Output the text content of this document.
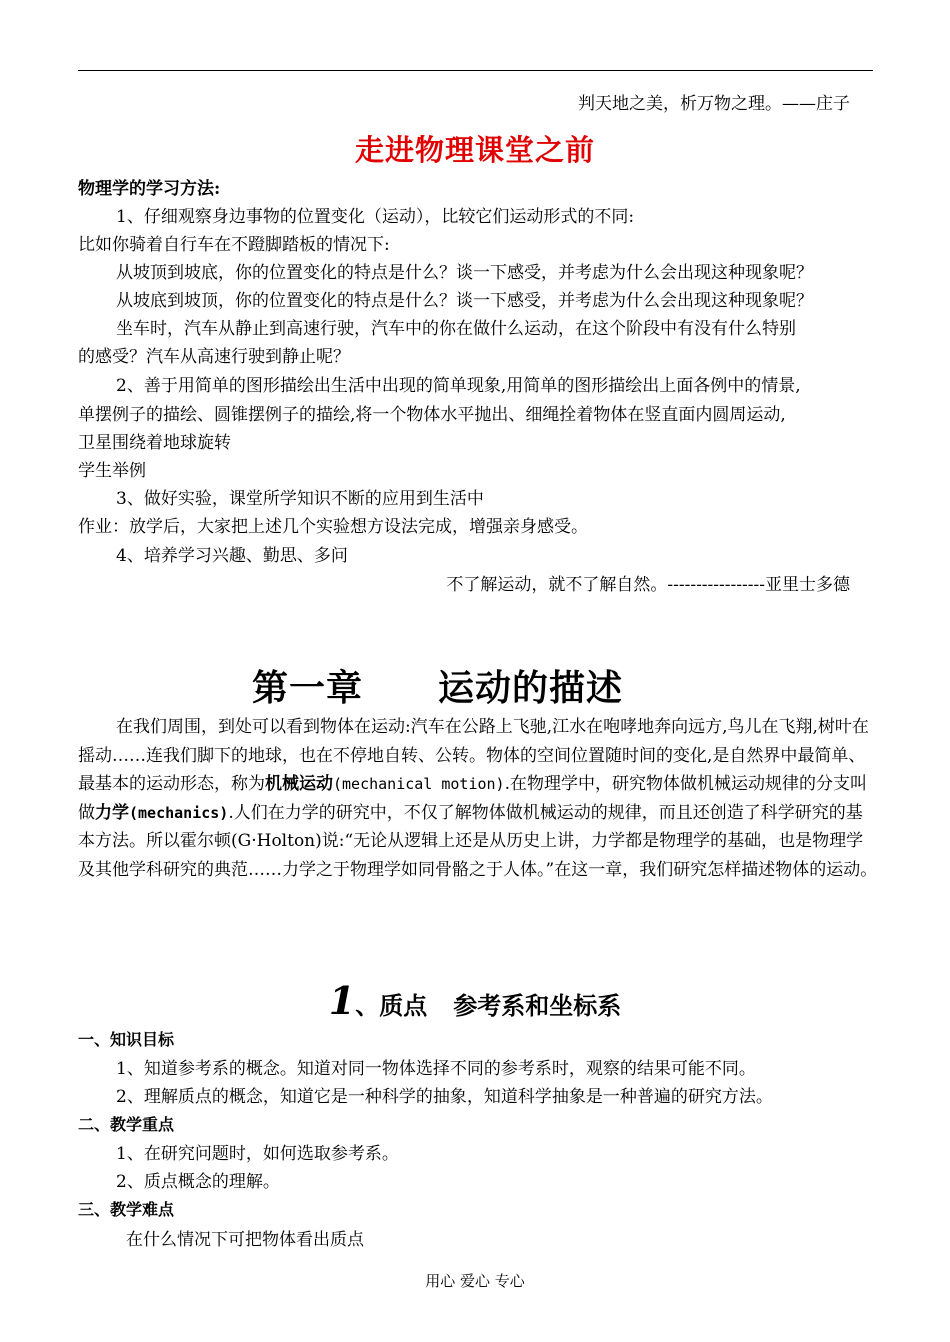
判天地之美，析万物之理。——庄子
走进物理课堂之前
物理学的学习方法:
1、仔细观察身边事物的位置变化（运动），比较它们运动形式的不同:
比如你骑着自行车在不蹬脚踏板的情况下:
从坡顶到坡底，你的位置变化的特点是什么？谈一下感受，并考虑为什么会出现这种现象呢？
从坡底到坡顶，你的位置变化的特点是什么？谈一下感受，并考虑为什么会出现这种现象呢？
坐车时，汽车从静止到高速行驶，汽车中的你在做什么运动，在这个阶段中有没有什么特别
的感受？汽车从高速行驶到静止呢？
2、善于用简单的图形描绘出生活中出现的简单现象,用简单的图形描绘出上面各例中的情景,
单摆例子的描绘、圆锥摆例子的描绘,将一个物体水平抛出、细绳拴着物体在竖直面内圆周运动,
卫星围绕着地球旋转
学生举例
3、做好实验，课堂所学知识不断的应用到生活中
作业：放学后，大家把上述几个实验想方设法完成，增强亲身感受。
4、培养学习兴趣、勤思、多问
不了解运动，就不了解自然。-----------------亚里士多德
第一章 运动的描述
在我们周围，到处可以看到物体在运动:汽车在公路上飞驰,江水在咆哮地奔向远方,鸟儿在飞翔,树叶在摇动……连我们脚下的地球，也在不停地自转、公转。物体的空间位置随时间的变化,是自然界中最简单、最基本的运动形态，称为机械运动(mechanical motion).在物理学中，研究物体做机械运动规律的分支叫做力学(mechanics).人们在力学的研究中，不仅了解物体做机械运动的规律，而且还创造了科学研究的基本方法。所以霍尔顿(G·Holton)说:“无论从逻辑上还是从历史上讲，力学都是物理学的基础，也是物理学及其他学科研究的典范……力学之于物理学如同骨骼之于人体。”在这一章，我们研究怎样描述物体的运动。
1、质点 参考系和坐标系
一、知识目标
1、知道参考系的概念。知道对同一物体选择不同的参考系时，观察的结果可能不同。
2、理解质点的概念，知道它是一种科学的抽象，知道科学抽象是一种普遍的研究方法。
二、教学重点
1、在研究问题时，如何选取参考系。
2、质点概念的理解。
三、教学难点
在什么情况下可把物体看出质点
用心 爱心 专心
